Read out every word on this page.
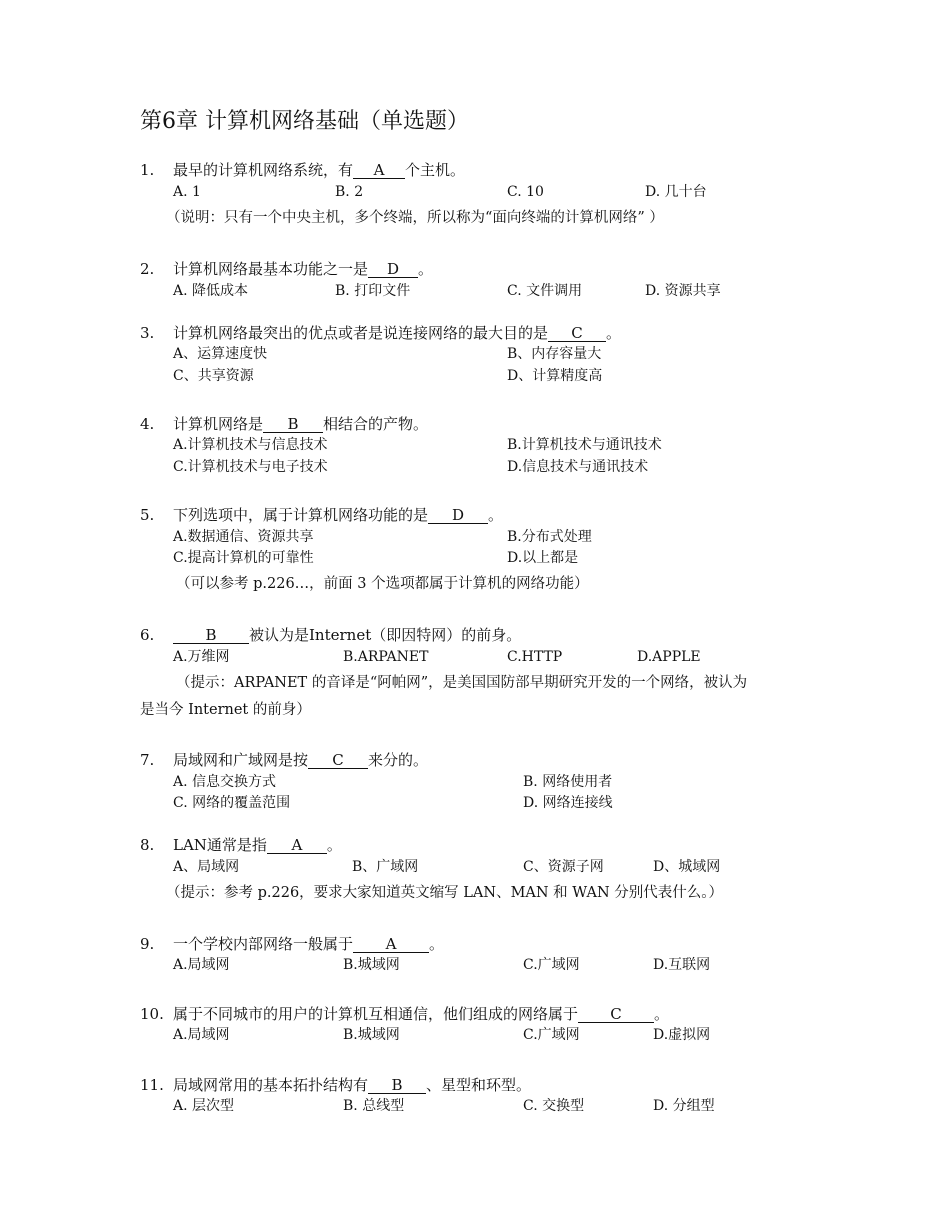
第6章 计算机网络基础（单选题）
1. 最早的计算机网络系统，有 A 个主机。
A. 1	B. 2	C. 10	D. 几十台
（说明：只有一个中央主机，多个终端，所以称为“面向终端的计算机网络” ）
2. 计算机网络最基本功能之一是 D 。
A. 降低成本	B. 打印文件	C. 文件调用	D. 资源共享
3. 计算机网络最突出的优点或者是说连接网络的最大目的是 C 。
A、运算速度快	B、内存容量大
C、共享资源	D、计算精度高
4. 计算机网络是 B 相结合的产物。
A.计算机技术与信息技术	B.计算机技术与通讯技术
C.计算机技术与电子技术	D.信息技术与通讯技术
5. 下列选项中，属于计算机网络功能的是 D 。
A.数据通信、资源共享	B.分布式处理
C.提高计算机的可靠性	D.以上都是
（可以参考 p.226…，前面 3 个选项都属于计算机的网络功能）
6.	B 被认为是Internet（即因特网）的前身。
A.万维网	B.ARPANET	C.HTTP	D.APPLE
（提示：ARPANET 的音译是“阿帕网”，是美国国防部早期研究开发的一个网络，被认为
是当今 Internet 的前身）
7. 局域网和广域网是按 C 来分的。
A. 信息交换方式	B. 网络使用者
C. 网络的覆盖范围	D. 网络连接线
8. LAN通常是指 A 。
A、局域网	B、广域网	C、资源子网	D、城域网
（提示：参考 p.226，要求大家知道英文缩写 LAN、MAN 和 WAN 分别代表什么。）
9. 一个学校内部网络一般属于 A 。
A.局域网	B.城域网	C.广域网	D.互联网
10. 属于不同城市的用户的计算机互相通信，他们组成的网络属于 C 。
A.局域网	B.城域网	C.广域网	D.虚拟网
11. 局域网常用的基本拓扑结构有 B 、星型和环型。
A. 层次型	B. 总线型	C. 交换型	D. 分组型
